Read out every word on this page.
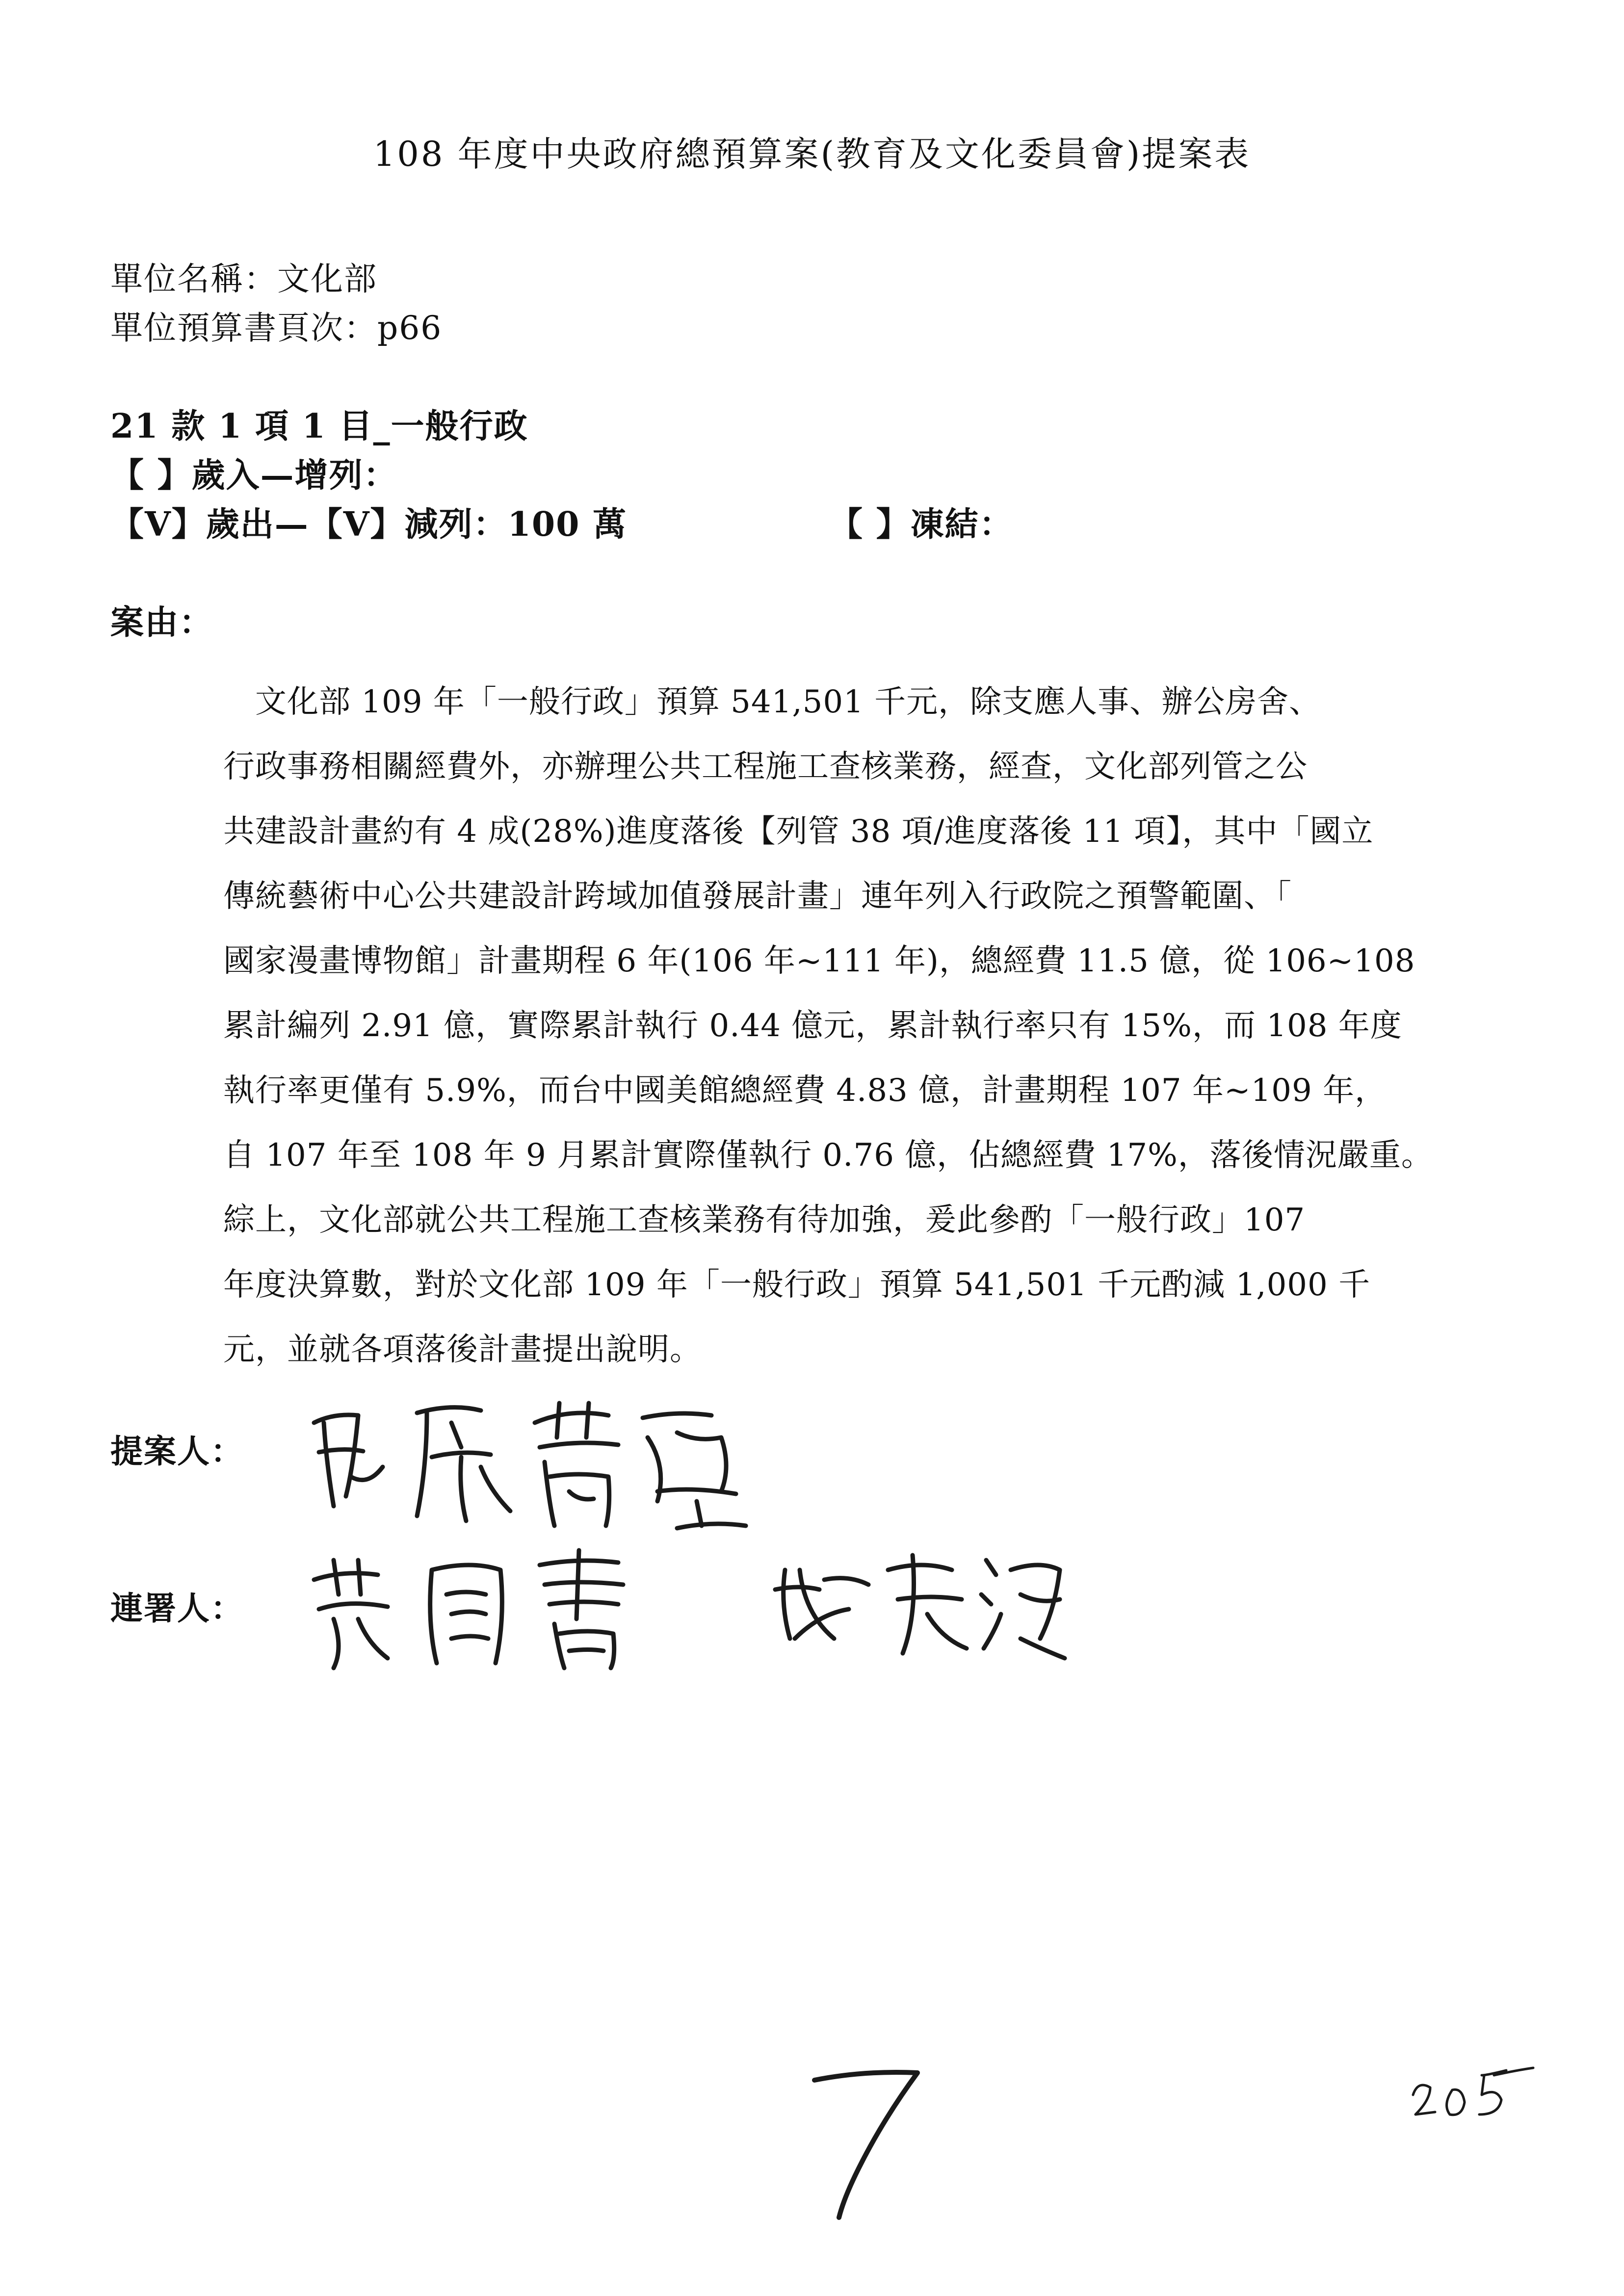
108 年度中央政府總預算案(教育及文化委員會)提案表
單位名稱：文化部
單位預算書頁次：p66
21 款 1 項 1 目_一般行政
【 】歲入—增列：
【V】歲出—【V】減列：100 萬	【 】凍結：
案由：
　文化部 109 年「一般行政」預算 541,501 千元，除支應人事、辦公房舍、
行政事務相關經費外，亦辦理公共工程施工查核業務，經查，文化部列管之公
共建設計畫約有 4 成(28%)進度落後【列管 38 項/進度落後 11 項】，其中「國立
傳統藝術中心公共建設計跨域加值發展計畫」連年列入行政院之預警範圍、「
國家漫畫博物館」計畫期程 6 年(106 年~111 年)，總經費 11.5 億，從 106~108
累計編列 2.91 億，實際累計執行 0.44 億元，累計執行率只有 15%，而 108 年度
執行率更僅有 5.9%，而台中國美館總經費 4.83 億，計畫期程 107 年~109 年，
自 107 年至 108 年 9 月累計實際僅執行 0.76 億，佔總經費 17%，落後情況嚴重。
綜上，文化部就公共工程施工查核業務有待加強，爰此參酌「一般行政」107
年度決算數，對於文化部 109 年「一般行政」預算 541,501 千元酌減 1,000 千
元，並就各項落後計畫提出說明。
提案人：
連署人：
